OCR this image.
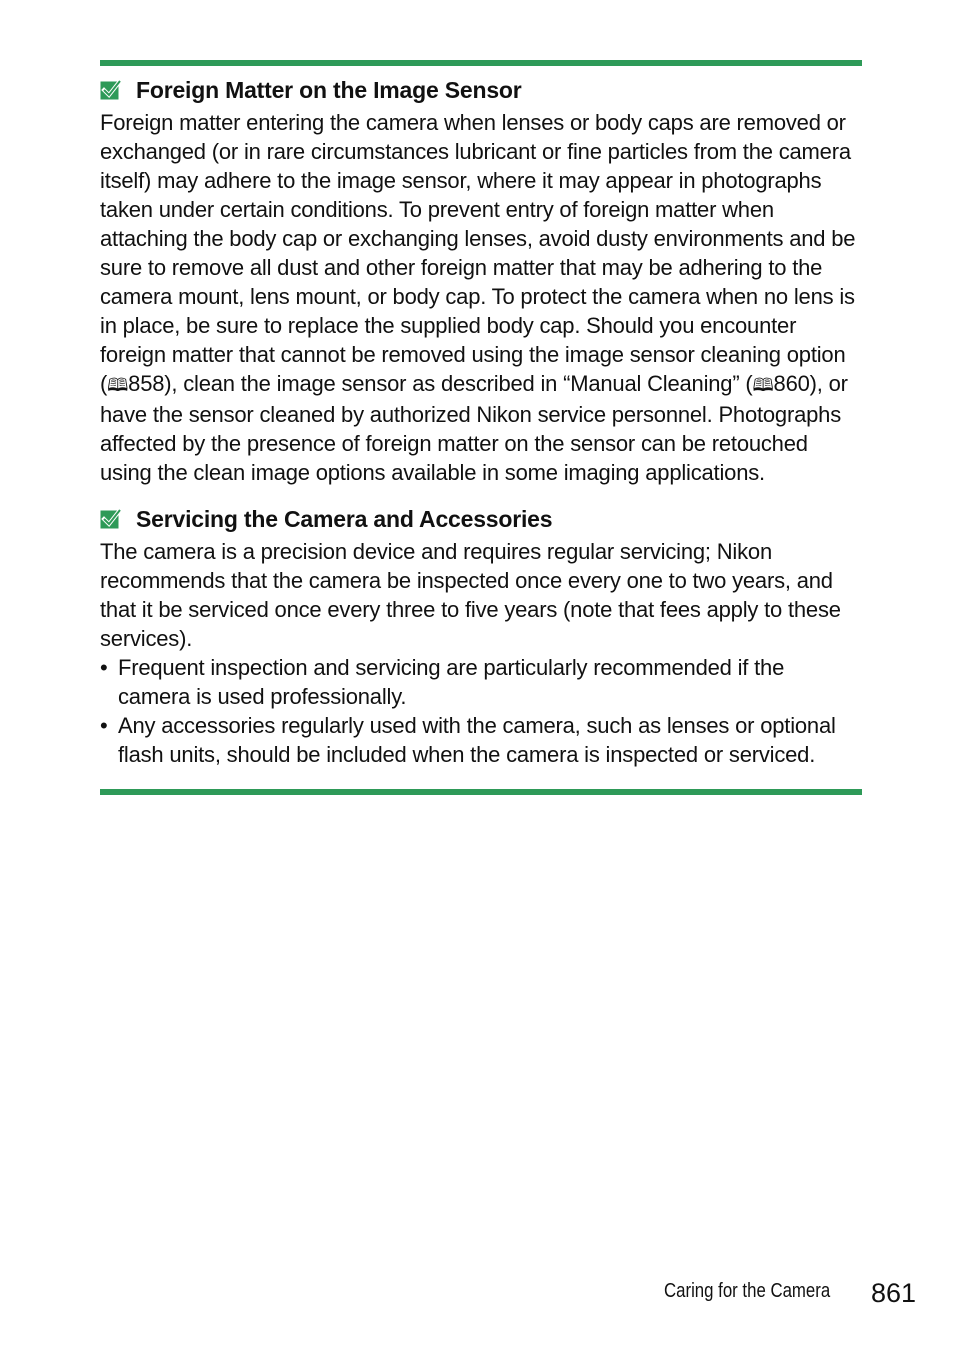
Foreign Matter on the Image Sensor

Foreign matter entering the camera when lenses or body caps are removed or exchanged (or in rare circumstances lubricant or fine particles from the camera itself) may adhere to the image sensor, where it may appear in photographs taken under certain conditions. To prevent entry of foreign matter when attaching the body cap or exchanging lenses, avoid dusty environments and be sure to remove all dust and other foreign matter that may be adhering to the camera mount, lens mount, or body cap. To protect the camera when no lens is in place, be sure to replace the supplied body cap. Should you encounter foreign matter that cannot be removed using the image sensor cleaning option (🕮858), clean the image sensor as described in “Manual Cleaning” (🕮860), or have the sensor cleaned by authorized Nikon service personnel. Photographs affected by the presence of foreign matter on the sensor can be retouched using the clean image options available in some imaging applications.

Servicing the Camera and Accessories

The camera is a precision device and requires regular servicing; Nikon recommends that the camera be inspected once every one to two years, and that it be serviced once every three to five years (note that fees apply to these services).

• Frequent inspection and servicing are particularly recommended if the camera is used professionally.
• Any accessories regularly used with the camera, such as lenses or optional flash units, should be included when the camera is inspected or serviced.
Caring for the Camera 861
